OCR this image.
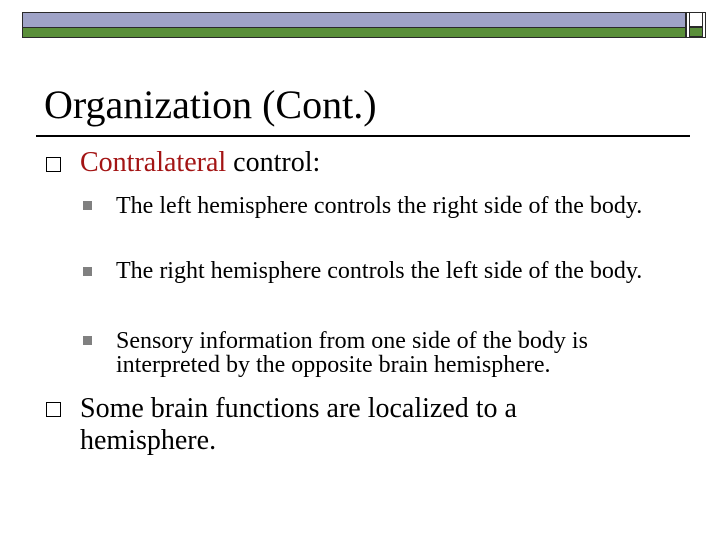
Organization (Cont.)
Contralateral control:
The left hemisphere controls the right side of the body.
The right hemisphere controls the left side of the body.
Sensory information from one side of the body is interpreted by the opposite brain hemisphere.
Some brain functions are localized to a hemisphere.
